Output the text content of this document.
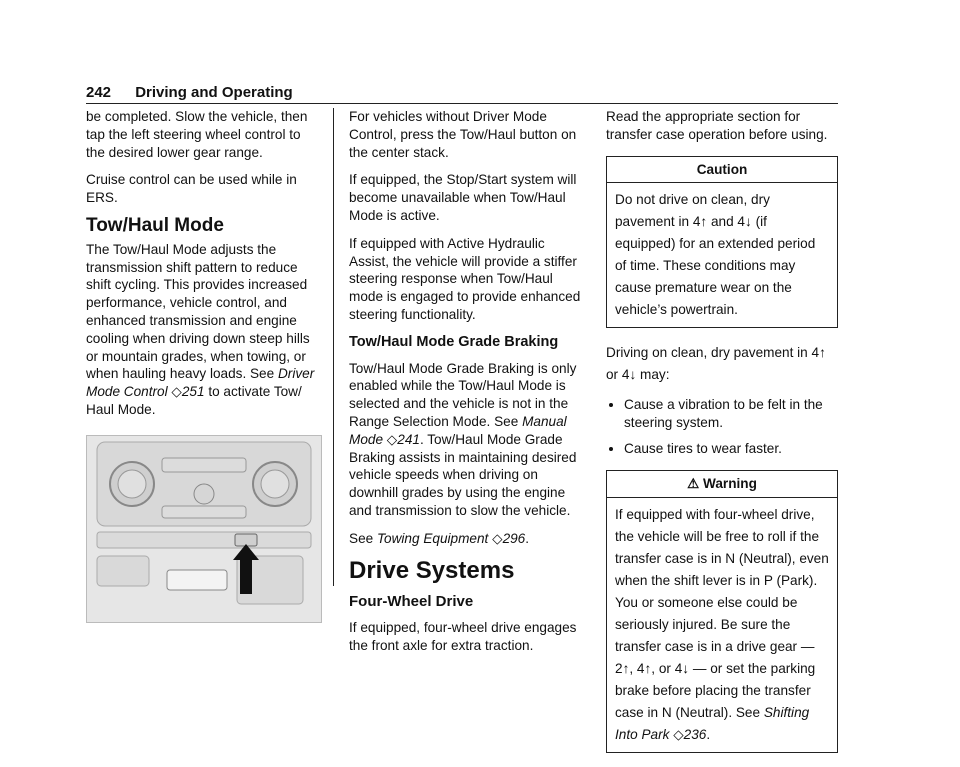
242 Driving and Operating

be completed. Slow the vehicle, then tap the left steering wheel control to the desired lower gear range.

Cruise control can be used while in ERS.

Tow/Haul Mode

The Tow/Haul Mode adjusts the transmission shift pattern to reduce shift cycling. This provides increased performance, vehicle control, and enhanced transmission and engine cooling when driving down steep hills or mountain grades, when towing, or when hauling heavy loads. See Driver Mode Control ◇251 to activate Tow/ Haul Mode.

For vehicles without Driver Mode Control, press the Tow/Haul button on the center stack.

If equipped, the Stop/Start system will become unavailable when Tow/Haul Mode is active.

If equipped with Active Hydraulic Assist, the vehicle will provide a stiffer steering response when Tow/Haul mode is engaged to provide enhanced steering functionality.

Tow/Haul Mode Grade Braking

Tow/Haul Mode Grade Braking is only enabled while the Tow/Haul Mode is selected and the vehicle is not in the Range Selection Mode. See Manual Mode ◇241. Tow/Haul Mode Grade Braking assists in maintaining desired vehicle speeds when driving on downhill grades by using the engine and transmission to slow the vehicle.

See Towing Equipment ◇296.

Drive Systems
Four-Wheel Drive

If equipped, four-wheel drive engages the front axle for extra traction.

Read the appropriate section for transfer case operation before using.

Caution
Do not drive on clean, dry pavement in 4↑ and 4↓ (if equipped) for an extended period of time. These conditions may cause premature wear on the vehicle’s powertrain.

Driving on clean, dry pavement in 4↑ or 4↓ may:

• Cause a vibration to be felt in the steering system.
• Cause tires to wear faster.
⚠ Warning
If equipped with four-wheel drive, the vehicle will be free to roll if the transfer case is in N (Neutral), even when the shift lever is in P (Park). You or someone else could be seriously injured. Be sure the transfer case is in a drive gear — 2↑, 4↑, or 4↓ — or set the parking brake before placing the transfer case in N (Neutral). See Shifting Into Park ◇236.
